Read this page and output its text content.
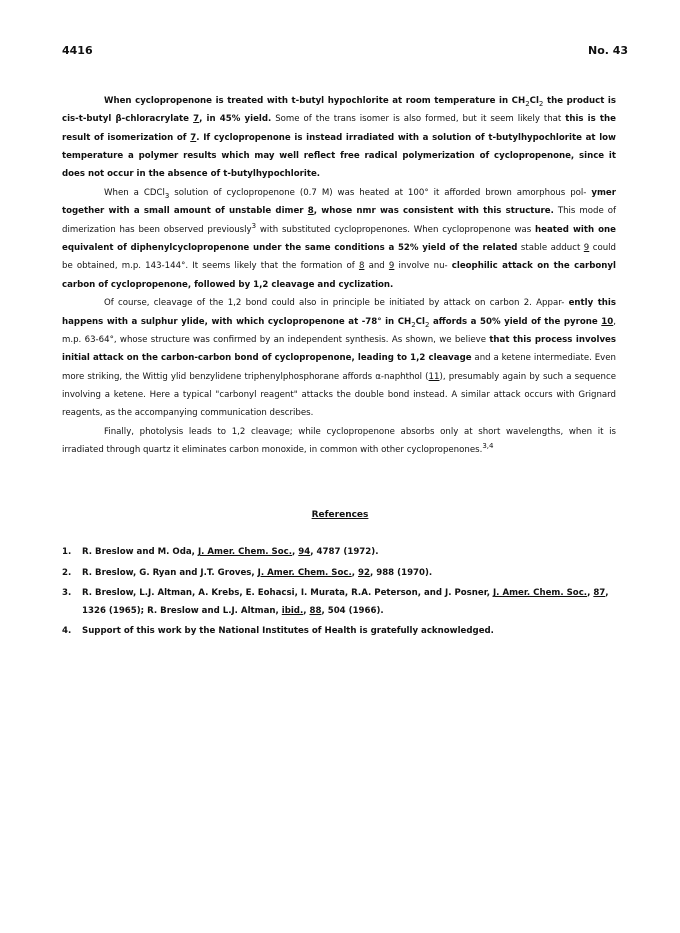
4416	No. 43

When cyclopropenone is treated with t-butyl hypochlorite at room temperature in $CH_2Cl_2$ the product is cis-t-butyl β-chloracrylate 7, in 45% yield. Some of the trans isomer is also formed, but it seem likely that this is the result of isomerization of 7. If cyclopropenone is instead irradiated with a solution of t-butylhypochlorite at low temperature a polymer results which may well reflect free radical polymerization of cyclopropenone, since it does not occur in the absence of t-butylhypochlorite.

When a CDCl$_3$ solution of cyclopropenone (0.7 M) was heated at 100° it afforded brown amorphous pol- ymer together with a small amount of unstable dimer 8, whose nmr was consistent with this structure. This mode of dimerization has been observed previously$^3$ with substituted cyclopropenones. When cyclopropenone was heated with one equivalent of diphenylcyclopropenone under the same conditions a 52% yield of the related stable adduct 9 could be obtained, m.p. 143-144°. It seems likely that the formation of 8 and 9 involve nu- cleophilic attack on the carbonyl carbon of cyclopropenone, followed by 1,2 cleavage and cyclization.

Of course, cleavage of the 1,2 bond could also in principle be initiated by attack on carbon 2. Appar- ently this happens with a sulphur ylide, with which cyclopropenone at -78° in $CH_2Cl_2$ affords a 50% yield of the pyrone 10, m.p. 63-64°, whose structure was confirmed by an independent synthesis. As shown, we believe that this process involves initial attack on the carbon-carbon bond of cyclopropenone, leading to 1,2 cleavage and a ketene intermediate. Even more striking, the Wittig ylid benzylidene triphenylphosphorane affords α-naphthol (11), presumably again by such a sequence involving a ketene. Here a typical "carbonyl reagent" attacks the double bond instead. A similar attack occurs with Grignard reagents, as the accompanying communication describes.

Finally, photolysis leads to 1,2 cleavage; while cyclopropenone absorbs only at short wavelengths, when it is irradiated through quartz it eliminates carbon monoxide, in common with other cyclopropenones.$^{3,4}$

References
1. R. Breslow and M. Oda, J. Amer. Chem. Soc., 94, 4787 (1972).
2. R. Breslow, G. Ryan and J.T. Groves, J. Amer. Chem. Soc., 92, 988 (1970).
3. R. Breslow, L.J. Altman, A. Krebs, E. Eohacsi, I. Murata, R.A. Peterson, and J. Posner, J. Amer. Chem. Soc., 87, 1326 (1965); R. Breslow and L.J. Altman, ibid., 88, 504 (1966).
4. Support of this work by the National Institutes of Health is gratefully acknowledged.
